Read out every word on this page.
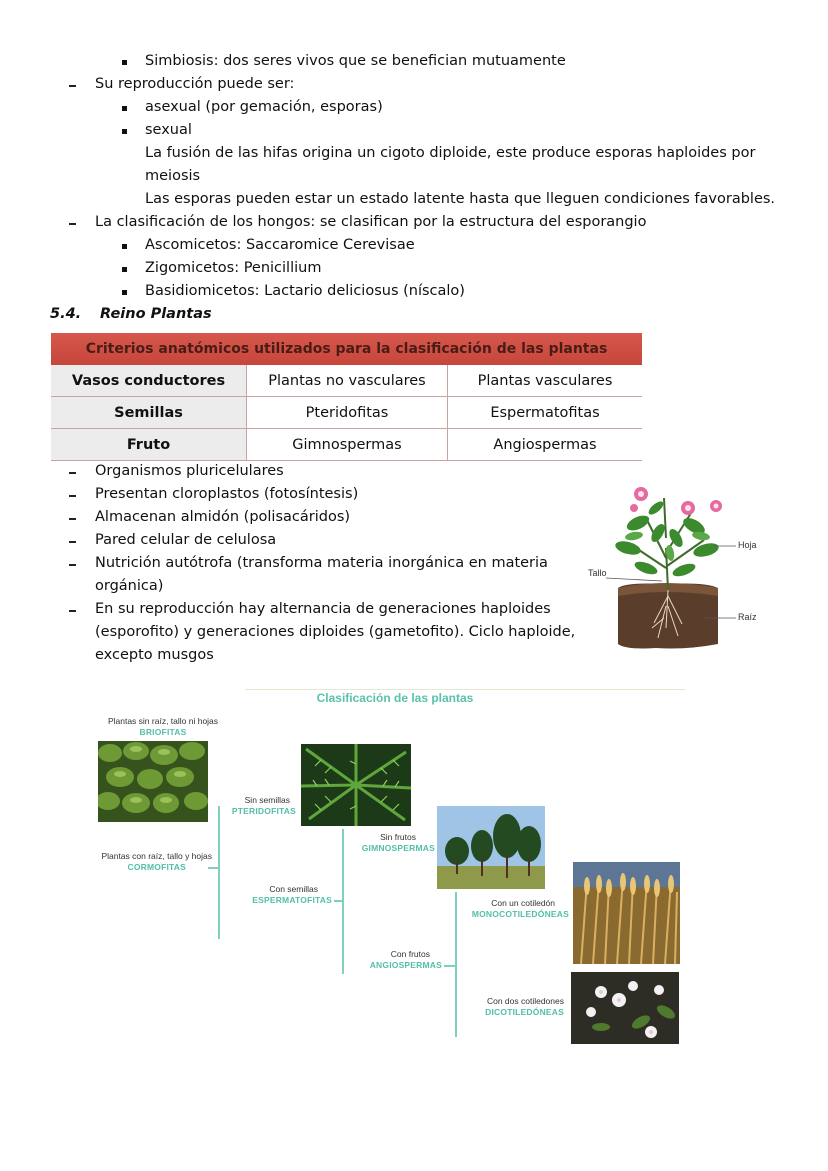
Simbiosis: dos seres vivos que se benefician mutuamente
Su reproducción puede ser:
asexual (por gemación, esporas)
sexual
La fusión de las hifas origina un cigoto diploide, este produce esporas haploides por
meiosis
Las esporas pueden estar un estado latente hasta que lleguen condiciones favorables.
La clasificación de los hongos: se clasifican por la estructura del esporangio
Ascomicetos: Saccaromice Cerevisae
Zigomicetos: Penicillium
Basidiomicetos: Lactario deliciosus (níscalo)
5.4. Reino Plantas
Criterios anatómicos utilizados para la clasificación de las plantas
Vasos conductores	Plantas no vasculares	Plantas vasculares
Semillas	Pteridofitas	Espermatofitas
Fruto	Gimnospermas	Angiospermas
Organismos pluricelulares
Presentan cloroplastos (fotosíntesis)
Almacenan almidón (polisacáridos)
Pared celular de celulosa
Nutrición autótrofa (transforma materia inorgánica en materia
orgánica)
En su reproducción hay alternancia de generaciones haploides
(esporofito) y generaciones diploides (gametofito). Ciclo haploide,
excepto musgos
Hoja
Tallo
Raíz
Clasificación de las plantas
Plantas sin raíz, tallo ni hojas
BRIOFITAS
Plantas con raíz, tallo y hojas
CORMOFITAS
Sin semillas
PTERIDOFITAS
Con semillas
ESPERMATOFITAS
Sin frutos
GIMNOSPERMAS
Con frutos
ANGIOSPERMAS
Con un cotiledón
MONOCOTILEDÓNEAS
Con dos cotiledones
DICOTILEDÓNEAS
